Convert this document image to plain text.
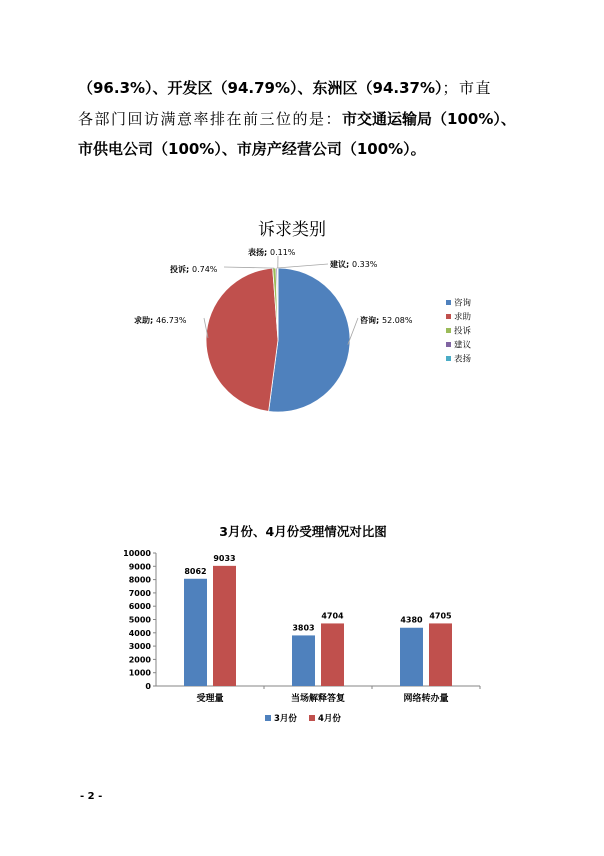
（96.3%）、开发区（94.79%）、东洲区（94.37%）；市直
各部门回访满意率排在前三位的是：市交通运输局（100%）、
市供电公司（100%）、市房产经营公司（100%）。
诉求类别
咨询; 52.08%
求助; 46.73%
投诉; 0.74%
建议; 0.33%
表扬; 0.11%
咨询
求助
投诉
建议
表扬
3月份、4月份受理情况对比图
0
1000
2000
3000
4000
5000
6000
7000
8000
9000
10000
受理量	当场解释答复	网络转办量
8062
9033
3803
4704	4380 4705
3月份 4月份
- 2 -
